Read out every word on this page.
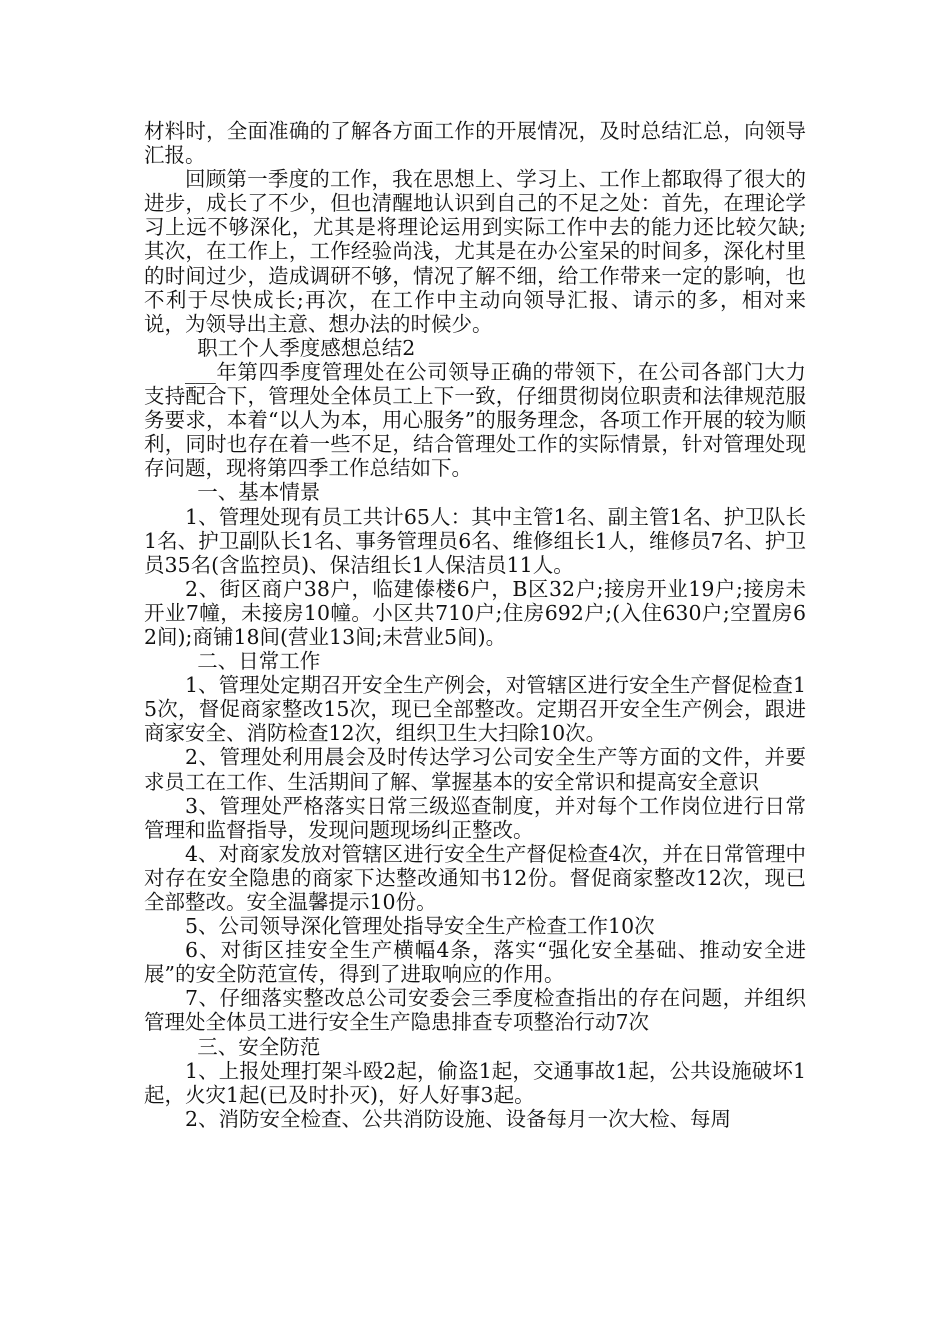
材料时，全面准确的了解各方面工作的开展情况，及时总结汇总，向领导汇报。

回顾第一季度的工作，我在思想上、学习上、工作上都取得了很大的进步，成长了不少，但也清醒地认识到自己的不足之处：首先，在理论学习上远不够深化，尤其是将理论运用到实际工作中去的能力还比较欠缺;其次，在工作上，工作经验尚浅，尤其是在办公室呆的时间多，深化村里的时间过少，造成调研不够，情况了解不细，给工作带来一定的影响，也不利于尽快成长;再次，在工作中主动向领导汇报、请示的多，相对来说，为领导出主意、想办法的时候少。

职工个人季度感想总结2

___年第四季度管理处在公司领导正确的带领下，在公司各部门大力支持配合下，管理处全体员工上下一致，仔细贯彻岗位职责和法律规范服务要求，本着“以人为本，用心服务”的服务理念，各项工作开展的较为顺利，同时也存在着一些不足，结合管理处工作的实际情景，针对管理处现存问题，现将第四季工作总结如下。

一、基本情景

1、管理处现有员工共计65人：其中主管1名、副主管1名、护卫队长1名、护卫副队长1名、事务管理员6名、维修组长1人，维修员7名、护卫员35名(含监控员)、保洁组长1人保洁员11人。

2、街区商户38户，临建傣楼6户，B区32户;接房开业19户;接房未开业7幢，未接房10幢。小区共710户;住房692户;(入住630户;空置房62间);商铺18间(营业13间;未营业5间)。

二、日常工作

1、管理处定期召开安全生产例会，对管辖区进行安全生产督促检查15次，督促商家整改15次，现已全部整改。定期召开安全生产例会，跟进商家安全、消防检查12次，组织卫生大扫除10次。

2、管理处利用晨会及时传达学习公司安全生产等方面的文件，并要求员工在工作、生活期间了解、掌握基本的安全常识和提高安全意识

3、管理处严格落实日常三级巡查制度，并对每个工作岗位进行日常管理和监督指导，发现问题现场纠正整改。

4、对商家发放对管辖区进行安全生产督促检查4次，并在日常管理中对存在安全隐患的商家下达整改通知书12份。督促商家整改12次，现已全部整改。安全温馨提示10份。

5、公司领导深化管理处指导安全生产检查工作10次

6、对街区挂安全生产横幅4条，落实“强化安全基础、推动安全进展”的安全防范宣传，得到了进取响应的作用。

7、仔细落实整改总公司安委会三季度检查指出的存在问题，并组织管理处全体员工进行安全生产隐患排查专项整治行动7次

三、安全防范

1、上报处理打架斗殴2起，偷盗1起，交通事故1起，公共设施破坏1起，火灾1起(已及时扑灭)，好人好事3起。

2、消防安全检查、公共消防设施、设备每月一次大检、每周
